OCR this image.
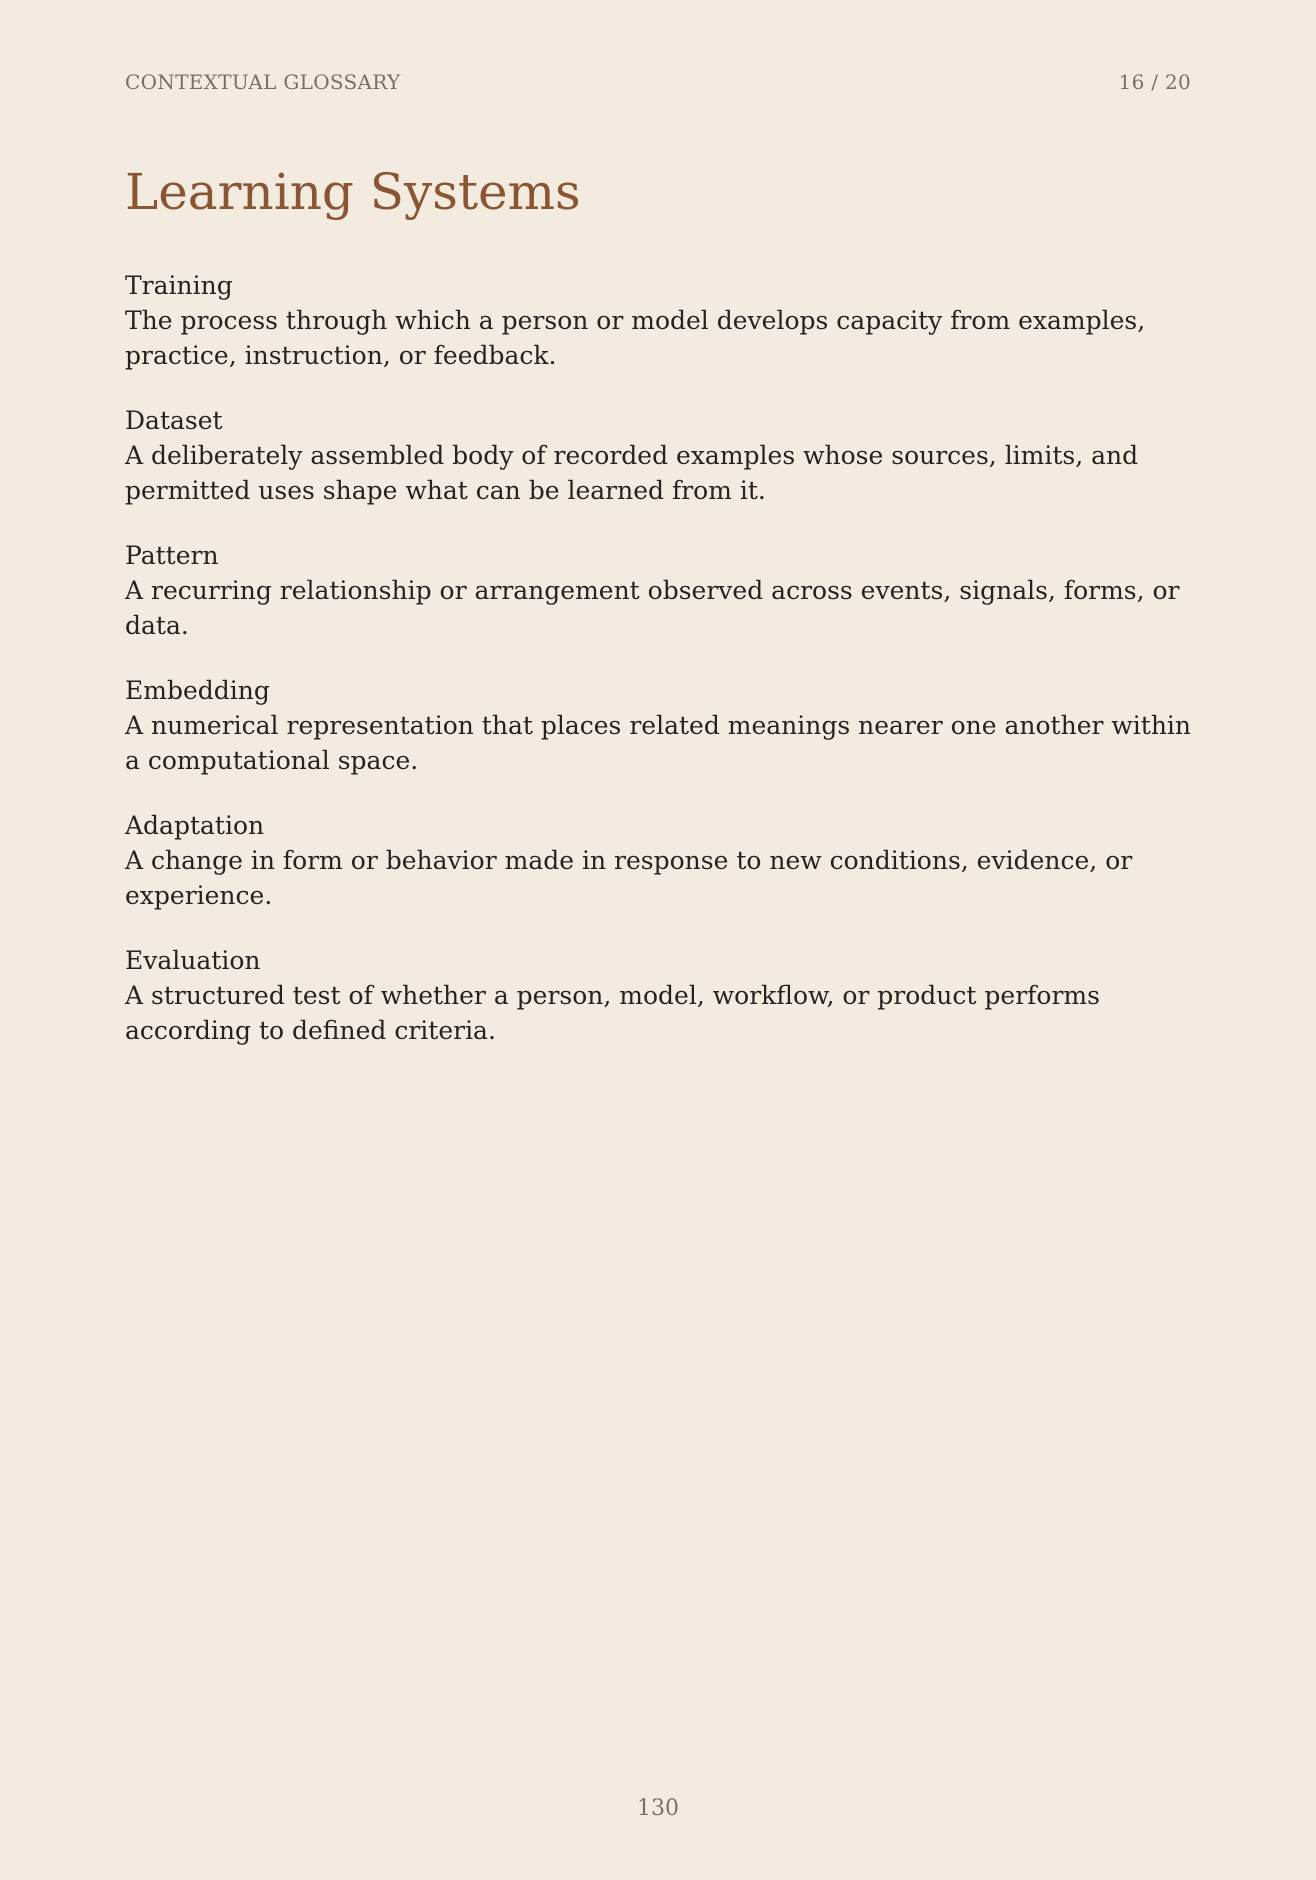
CONTEXTUAL GLOSSARY	16 / 20
Learning Systems
Training
The process through which a person or model develops capacity from examples, practice, instruction, or feedback.
Dataset
A deliberately assembled body of recorded examples whose sources, limits, and permitted uses shape what can be learned from it.
Pattern
A recurring relationship or arrangement observed across events, signals, forms, or data.
Embedding
A numerical representation that places related meanings nearer one another within a computational space.
Adaptation
A change in form or behavior made in response to new conditions, evidence, or experience.
Evaluation
A structured test of whether a person, model, workflow, or product performs according to defined criteria.
130
